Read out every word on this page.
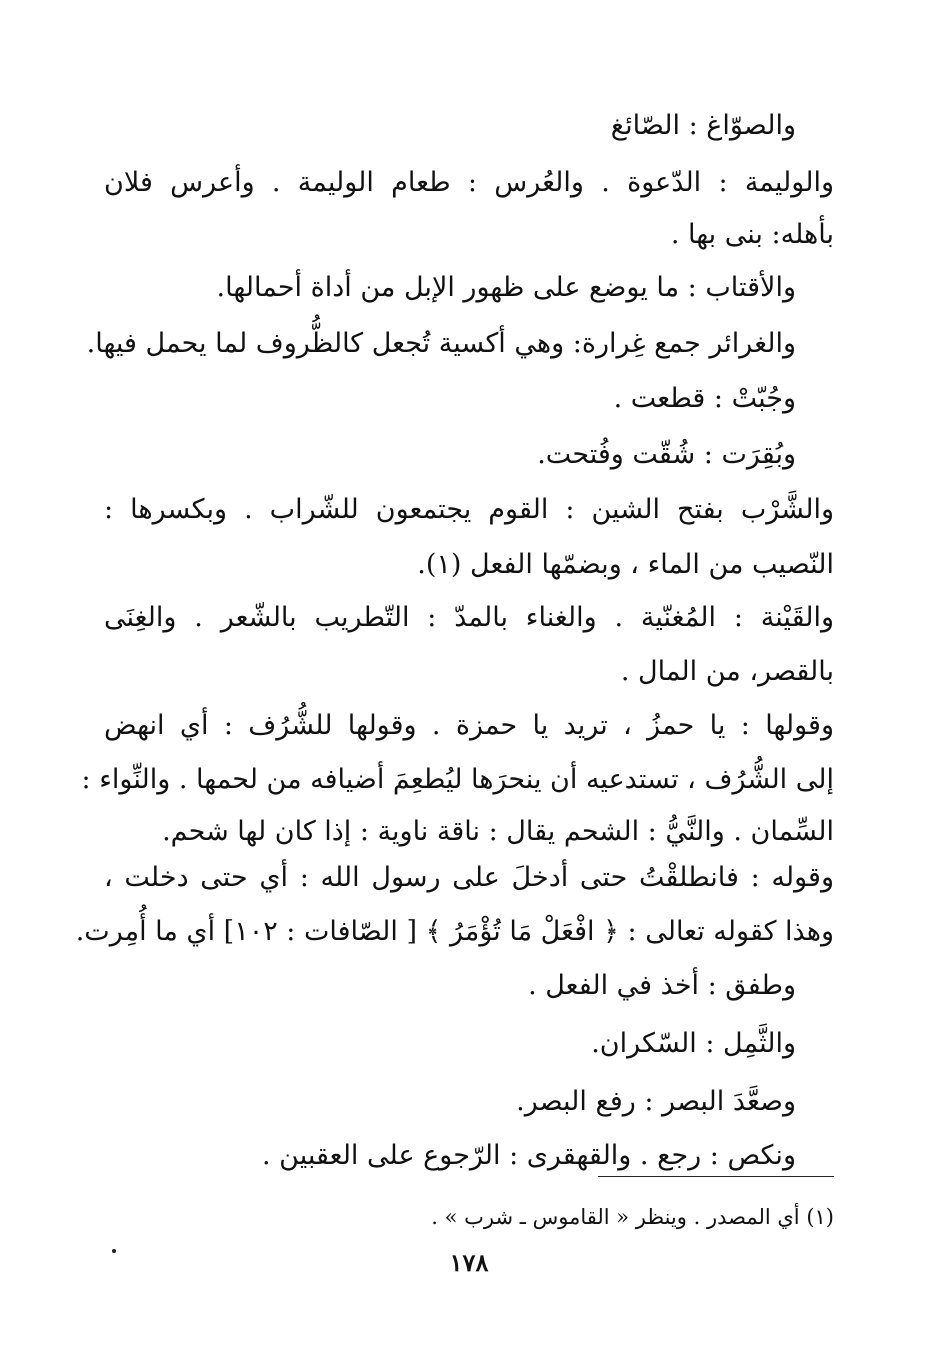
والصوّاغ : الصّائغ
والوليمة : الدّعوة . والعُرس : طعام الوليمة . وأعرس فلان
بأهله: بنى بها .
والأقتاب : ما يوضع على ظهور الإبل من أداة أحمالها.
والغرائر جمع غِرارة: وهي أكسية تُجعل كالظُّروف لما يحمل فيها.
وجُبّتْ : قطعت .
وبُقِرَت : شُقّت وفُتحت.
والشَّرْب بفتح الشين : القوم يجتمعون للشّراب . وبكسرها :
النّصيب من الماء ، وبضمّها الفعل (١).
والقَيْنة : المُغنّية . والغناء بالمدّ : التّطريب بالشّعر . والغِنَى
بالقصر، من المال .
وقولها : يا حمزُ ، تريد يا حمزة . وقولها للشُّرُف : أي انهض
إلى الشُّرُف ، تستدعيه أن ينحرَها ليُطعِمَ أضيافه من لحمها . والنِّواء :
السِّمان . والنَّيُّ : الشحم يقال : ناقة ناوية : إذا كان لها شحم.
وقوله : فانطلقْتُ حتى أدخلَ على رسول الله : أي حتى دخلت ،
وهذا كقوله تعالى : ﴿ افْعَلْ مَا تُؤْمَرُ ﴾ [ الصّافات : ١٠٢] أي ما أُمِرت.
وطفق : أخذ في الفعل .
والثَّمِل : السّكران.
وصعَّدَ البصر : رفع البصر.
ونكص : رجع . والقهقرى : الرّجوع على العقبين .
(١) أي المصدر . وينظر « القاموس ـ شرب » .
١٧٨
